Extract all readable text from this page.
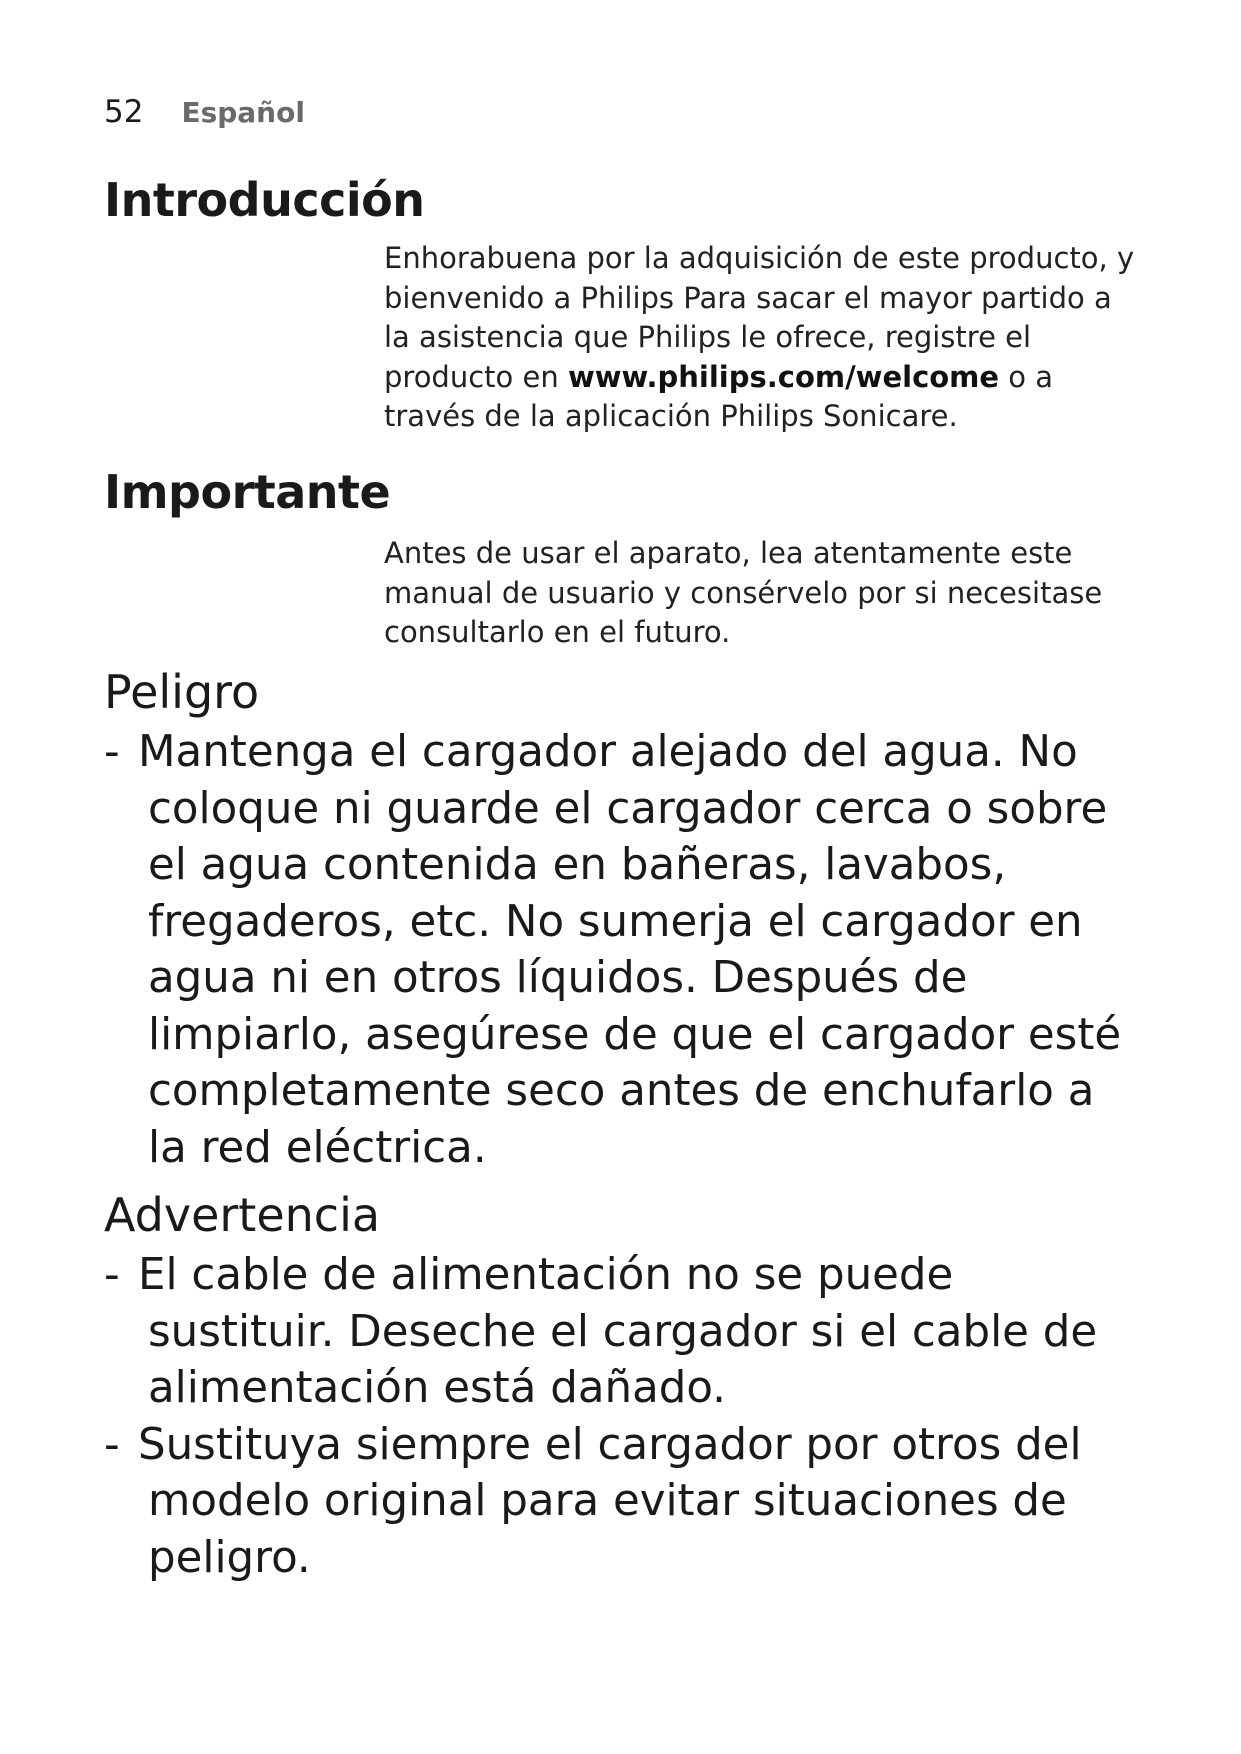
52 Español
Introducción

Enhorabuena por la adquisición de este producto, y bienvenido a Philips Para sacar el mayor partido a la asistencia que Philips le ofrece, registre el producto en www.philips.com/welcome o a través de la aplicación Philips Sonicare.

Importante

Antes de usar el aparato, lea atentamente este manual de usuario y consérvelo por si necesitase consultarlo en el futuro.

Peligro
- Mantenga el cargador alejado del agua. No coloque ni guarde el cargador cerca o sobre el agua contenida en bañeras, lavabos, fregaderos, etc. No sumerja el cargador en agua ni en otros líquidos. Después de limpiarlo, asegúrese de que el cargador esté completamente seco antes de enchufarlo a la red eléctrica.
Advertencia
- El cable de alimentación no se puede sustituir. Deseche el cargador si el cable de alimentación está dañado.
- Sustituya siempre el cargador por otros del modelo original para evitar situaciones de peligro.
